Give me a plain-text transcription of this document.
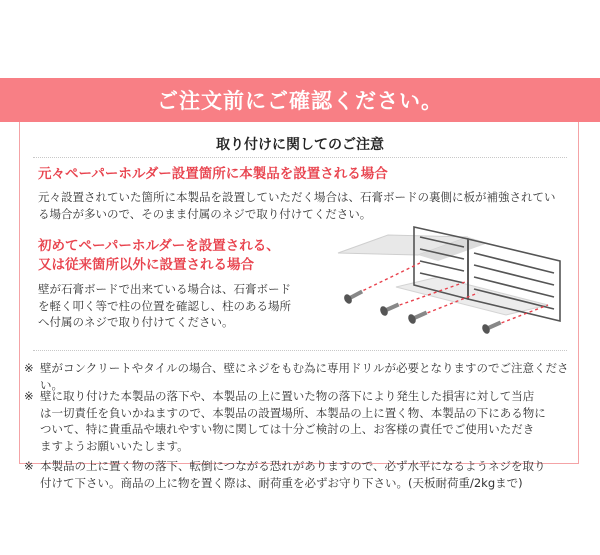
ご注文前にご確認ください。
取り付けに関してのご注意
元々ペーパーホルダー設置箇所に本製品を設置される場合
元々設置されていた箇所に本製品を設置していただく場合は、石膏ボードの裏側に板が補強されてい
る場合が多いので、そのまま付属のネジで取り付けてください。
初めてペーパーホルダーを設置される、
又は従来箇所以外に設置される場合
壁が石膏ボードで出来ている場合は、石膏ボード
を軽く叩く等で柱の位置を確認し、柱のある場所
へ付属のネジで取り付けてください。
※ 壁がコンクリートやタイルの場合、壁にネジをもむ為に専用ドリルが必要となりますのでご注意ください。
※ 壁に取り付けた本製品の落下や、本製品の上に置いた物の落下により発生した損害に対して当店
は一切責任を負いかねますので、本製品の設置場所、本製品の上に置く物、本製品の下にある物に
ついて、特に貴重品や壊れやすい物に関しては十分ご検討の上、お客様の責任でご使用いただき
ますようお願いいたします。
※ 本製品の上に置く物の落下、転倒につながる恐れがありますので、必ず水平になるようネジを取り
付けて下さい。商品の上に物を置く際は、耐荷重を必ずお守り下さい。(天板耐荷重/2kgまで)
